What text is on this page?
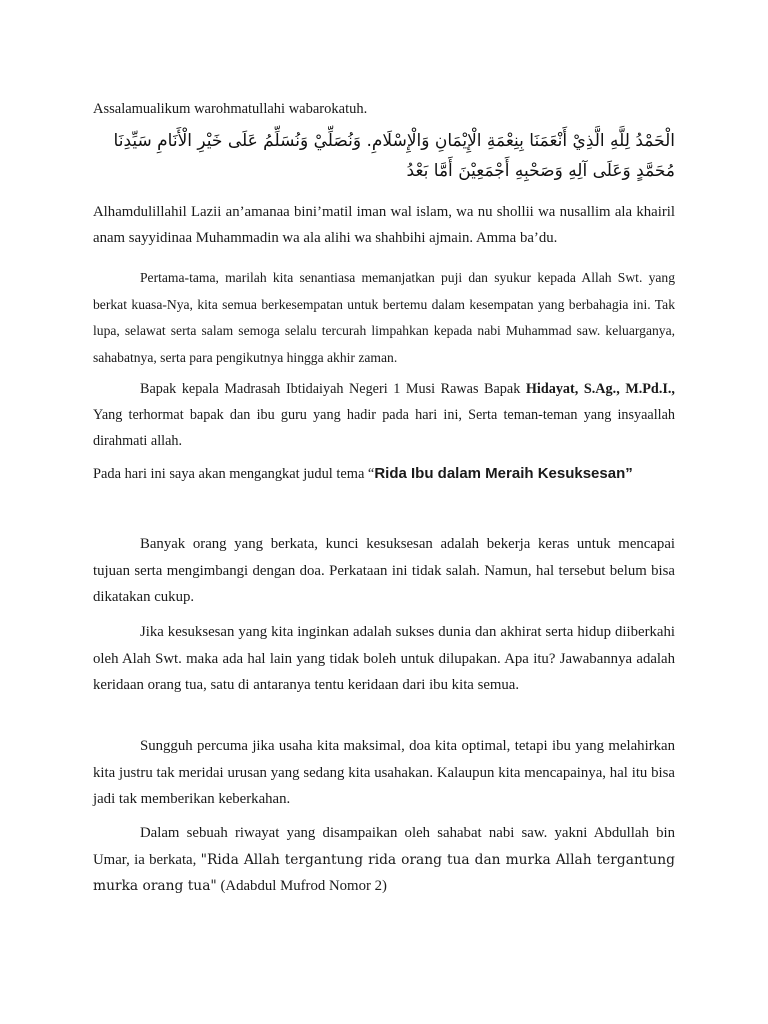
Assalamualikum warohmatullahi wabarokatuh.
الْحَمْدُ لِلَّهِ الَّذِيْ أَنْعَمَنَا بِنِعْمَةِ الْإِيْمَانِ وَالْإِسْلَامِ. وَنُصَلِّيْ وَنُسَلِّمُ عَلَى خَيْرِ الْأَنَامِ سَيِّدِنَا مُحَمَّدٍ وَعَلَى آلِهِ وَصَحْبِهِ أَجْمَعِيْنَ أَمَّا بَعْدُ
Alhamdulillahil Lazii an’amanaa bini’matil iman wal islam, wa nu shollii wa nusallim ala khairil anam sayyidinaa Muhammadin wa ala alihi wa shahbihi ajmain. Amma ba’du.
Pertama-tama, marilah kita senantiasa memanjatkan puji dan syukur kepada Allah Swt. yang berkat kuasa-Nya, kita semua berkesempatan untuk bertemu dalam kesempatan yang berbahagia ini. Tak lupa, selawat serta salam semoga selalu tercurah limpahkan kepada nabi Muhammad saw. keluarganya, sahabatnya, serta para pengikutnya hingga akhir zaman.
Bapak kepala Madrasah Ibtidaiyah Negeri 1 Musi Rawas Bapak Hidayat, S.Ag., M.Pd.I., Yang terhormat bapak dan ibu guru yang hadir pada hari ini, Serta teman-teman yang insyaallah dirahmati allah.
Pada hari ini saya akan mengangkat judul tema “Rida Ibu dalam Meraih Kesuksesan”
Banyak orang yang berkata, kunci kesuksesan adalah bekerja keras untuk mencapai tujuan serta mengimbangi dengan doa. Perkataan ini tidak salah. Namun, hal tersebut belum bisa dikatakan cukup.
Jika kesuksesan yang kita inginkan adalah sukses dunia dan akhirat serta hidup diiberkahi oleh Alah Swt. maka ada hal lain yang tidak boleh untuk dilupakan. Apa itu? Jawabannya adalah keridaan orang tua, satu di antaranya tentu keridaan dari ibu kita semua.
Sungguh percuma jika usaha kita maksimal, doa kita optimal, tetapi ibu yang melahirkan kita justru tak meridai urusan yang sedang kita usahakan. Kalaupun kita mencapainya, hal itu bisa jadi tak memberikan keberkahan.
Dalam sebuah riwayat yang disampaikan oleh sahabat nabi saw. yakni Abdullah bin Umar, ia berkata, "Rida Allah tergantung rida orang tua dan murka Allah tergantung murka orang tua" (Adabdul Mufrod Nomor 2)
